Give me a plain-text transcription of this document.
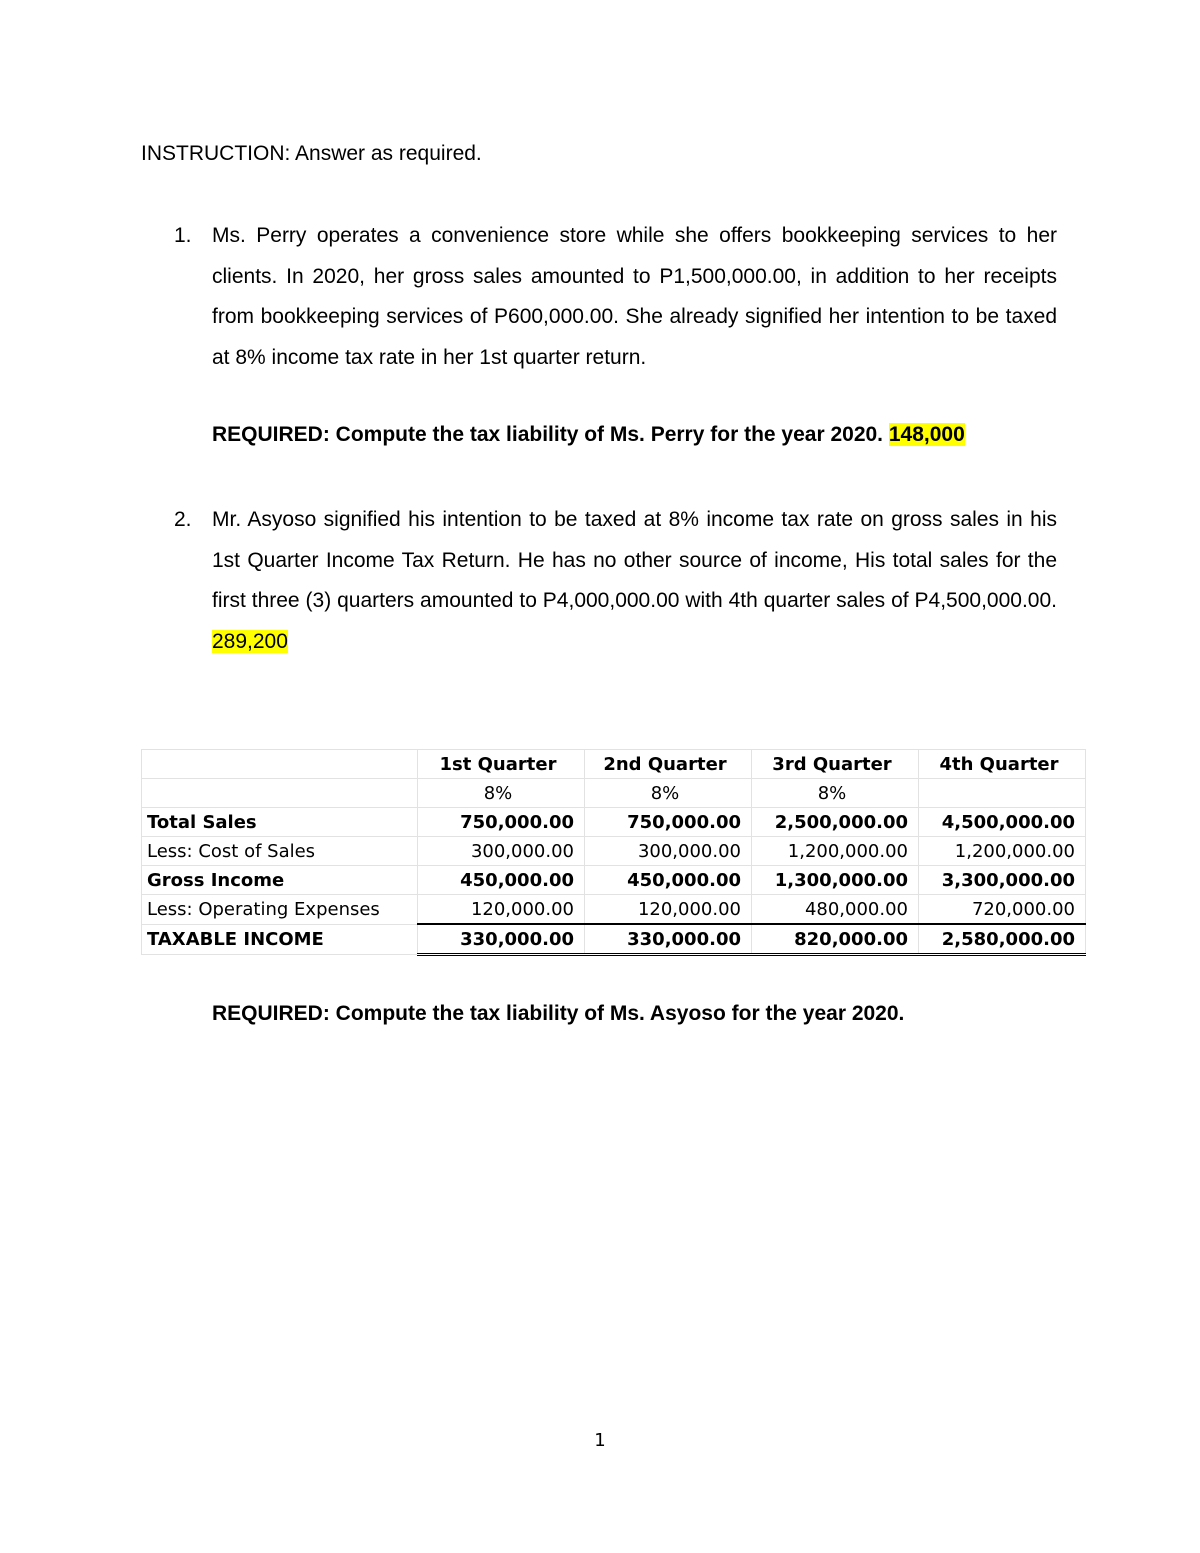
INSTRUCTION: Answer as required.
1. Ms. Perry operates a convenience store while she offers bookkeeping services to her clients. In 2020, her gross sales amounted to P1,500,000.00, in addition to her receipts from bookkeeping services of P600,000.00. She already signified her intention to be taxed at 8% income tax rate in her 1st quarter return.
REQUIRED: Compute the tax liability of Ms. Perry for the year 2020. 148,000
2. Mr. Asyoso signified his intention to be taxed at 8% income tax rate on gross sales in his 1st Quarter Income Tax Return. He has no other source of income, His total sales for the first three (3) quarters amounted to P4,000,000.00 with 4th quarter sales of P4,500,000.00. 289,200
	1st Quarter	2nd Quarter	3rd Quarter	4th Quarter
	8%	8%	8%	
Total Sales	750,000.00	750,000.00	2,500,000.00	4,500,000.00
Less: Cost of Sales	300,000.00	300,000.00	1,200,000.00	1,200,000.00
Gross Income	450,000.00	450,000.00	1,300,000.00	3,300,000.00
Less: Operating Expenses	120,000.00	120,000.00	480,000.00	720,000.00
TAXABLE INCOME	330,000.00	330,000.00	820,000.00	2,580,000.00
REQUIRED: Compute the tax liability of Ms. Asyoso for the year 2020.
1
